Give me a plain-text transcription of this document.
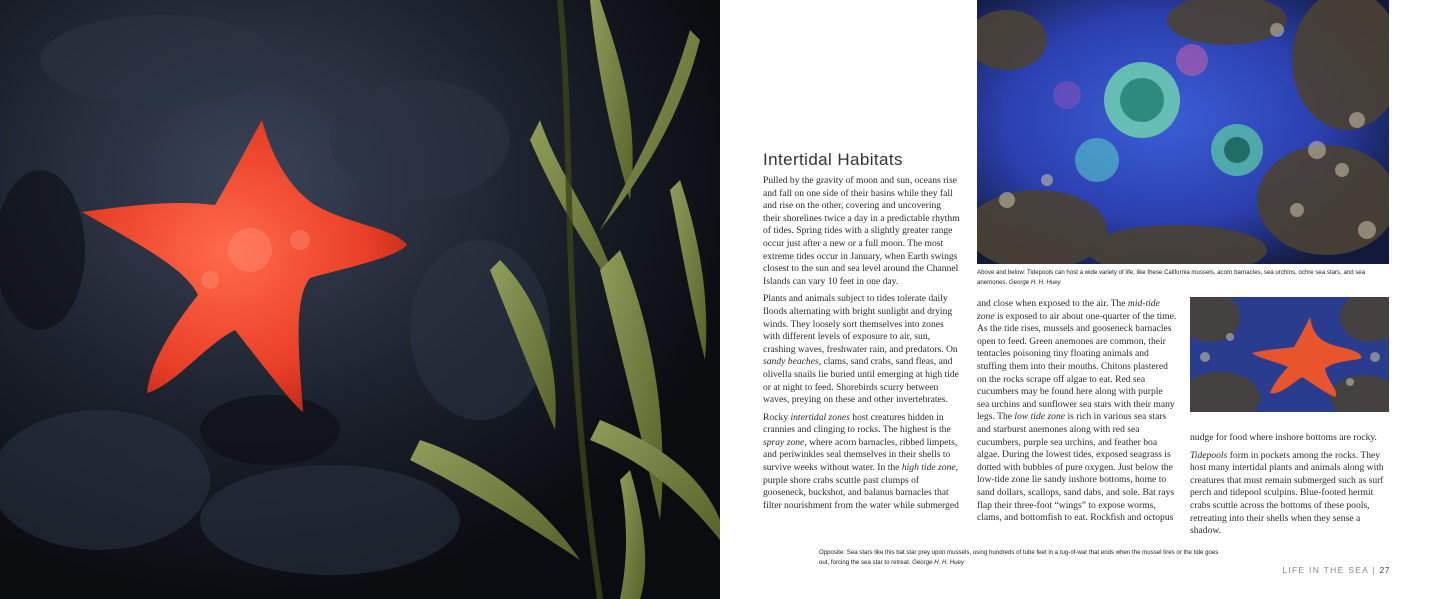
Above and below: Tidepools can host a wide variety of life, like these California mussels, acorn barnacles, sea urchins, ochre sea stars, and sea anemones. George H. H. Huey
Intertidal Habitats

Pulled by the gravity of moon and sun, oceans rise and fall on one side of their basins while they fall and rise on the other, covering and uncovering their shorelines twice a day in a predictable rhythm of tides. Spring tides with a slightly greater range occur just after a new or a full moon. The most extreme tides occur in January, when Earth swings closest to the sun and sea level around the Channel Islands can vary 10 feet in one day.

Plants and animals subject to tides tolerate daily floods alternating with bright sunlight and drying winds. They loosely sort themselves into zones with different levels of exposure to air, sun, crashing waves, freshwater rain, and predators. On sandy beaches, clams, sand crabs, sand fleas, and olivella snails lie buried until emerging at high tide or at night to feed. Shorebirds scurry between waves, preying on these and other invertebrates.

Rocky intertidal zones host creatures hidden in crannies and clinging to rocks. The highest is the spray zone, where acorn barnacles, ribbed limpets, and periwinkles seal themselves in their shells to survive weeks without water. In the high tide zone, purple shore crabs scuttle past clumps of gooseneck, buckshot, and balanus barnacles that filter nourishment from the water while submerged

and close when exposed to the air. The mid-tide zone is exposed to air about one-quarter of the time. As the tide rises, mussels and gooseneck barnacles open to feed. Green anemones are common, their tentacles poisoning tiny floating animals and stuffing them into their mouths. Chitons plastered on the rocks scrape off algae to eat. Red sea cucumbers may be found here along with purple sea urchins and sunflower sea stars with their many legs. The low tide zone is rich in various sea stars and starburst anemones along with red sea cucumbers, purple sea urchins, and feather boa algae. During the lowest tides, exposed seagrass is dotted with bubbles of pure oxygen. Just below the low-tide zone lie sandy inshore bottoms, home to sand dollars, scallops, sand dabs, and sole. Bat rays flap their three-foot “wings” to expose worms, clams, and bottomfish to eat. Rockfish and octopus

nudge for food where inshore bottoms are rocky.

Tidepools form in pockets among the rocks. They host many intertidal plants and animals along with creatures that must remain submerged such as surf perch and tidepool sculpins. Blue-footed hermit crabs scuttle across the bottoms of these pools, retreating into their shells when they sense a shadow.

LIFE IN THE SEA | 27
Opposite: Sea stars like this bat star prey upon mussels, using hundreds of tube feet in a tug-of-war that ends when the mussel tires or the tide goes out, forcing the sea star to retreat. George H. H. Huey
